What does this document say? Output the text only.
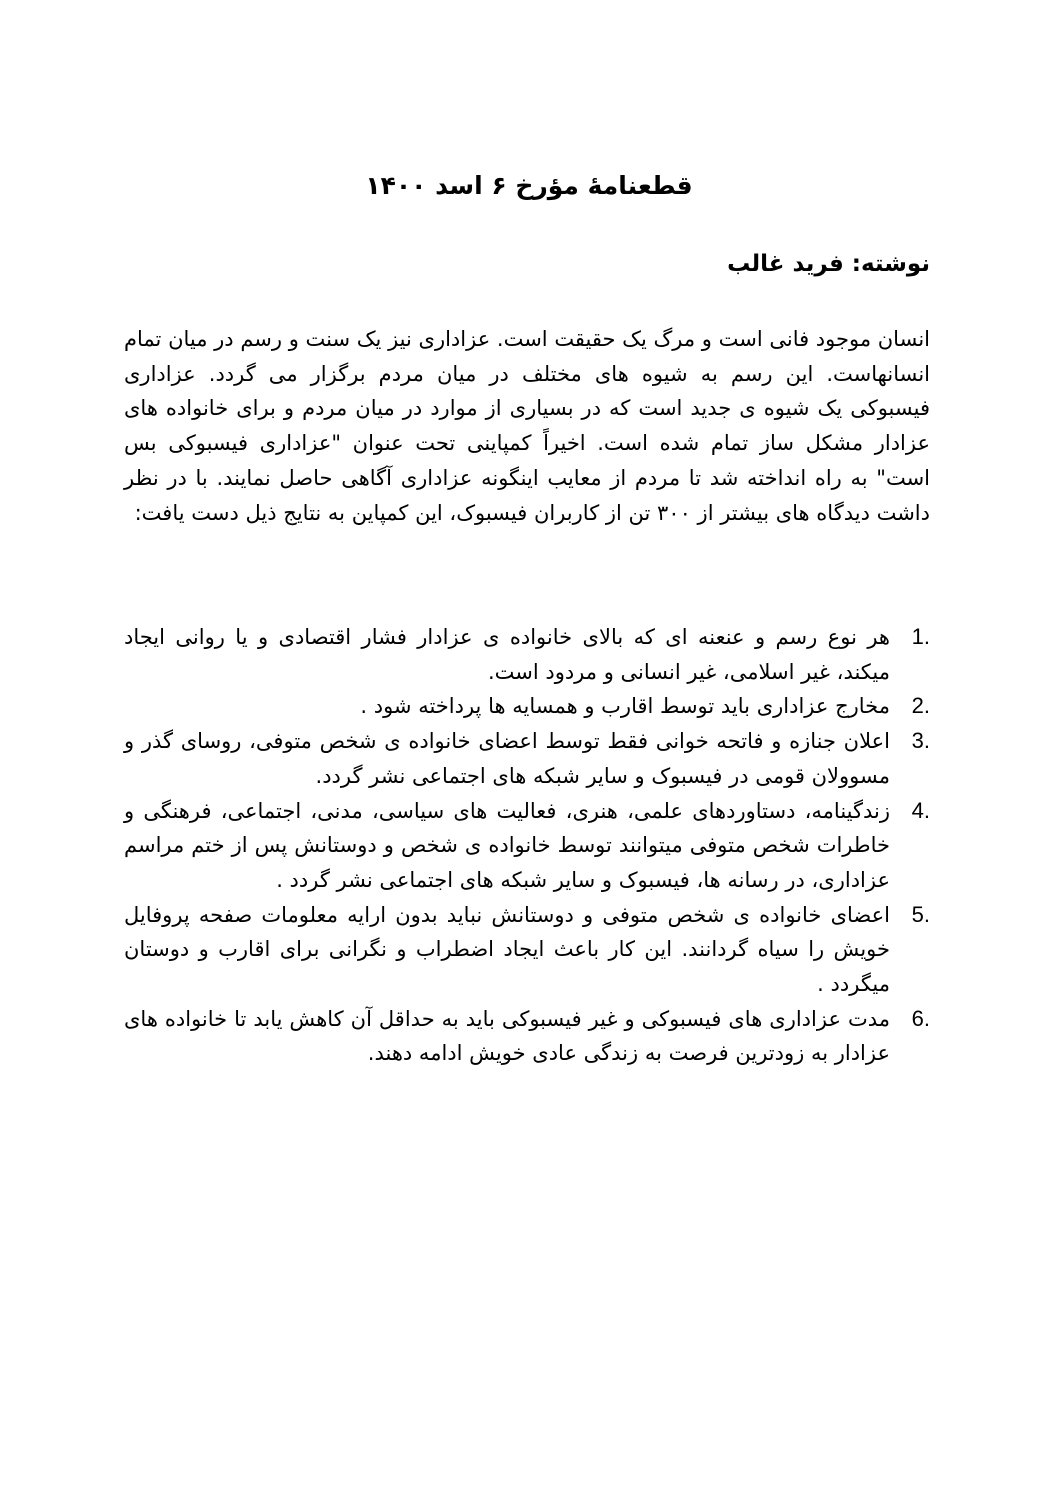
قطعنامهٔ مؤرخ ۶ اسد ۱۴۰۰

نوشته: فرید غالب

انسان موجود فانی است و مرگ یک حقیقت است. عزاداری نیز یک سنت و رسم در میان تمام انسانهاست. این رسم به شیوه های مختلف در میان مردم برگزار می گردد. عزاداری فیسبوکی یک شیوه ی جدید است که در بسیاری از موارد در میان مردم و برای خانواده های عزادار مشکل ساز تمام شده است. اخیراً کمپاینی تحت عنوان "عزاداری فیسبوکی بس است" به راه انداخته شد تا مردم از معایب اینگونه عزاداری آگاهی حاصل نمایند. با در نظر داشت دیدگاه های بیشتر از ۳۰۰ تن از کاربران فیسبوک، این کمپاین به نتایج ذیل دست یافت:

1.
هر نوع رسم و عنعنه ای که بالای خانواده ی عزادار فشار اقتصادی و یا روانی ایجاد میکند، غیر اسلامی، غیر انسانی و مردود است.
2.
مخارج عزاداری باید توسط اقارب و همسایه ها پرداخته شود .
3.
اعلان جنازه و فاتحه خوانی فقط توسط اعضای خانواده ی شخص متوفی، روسای گذر و مسوولان قومی در فیسبوک و سایر شبکه های اجتماعی نشر گردد.
4.
زندگینامه، دستاوردهای علمی، هنری، فعالیت های سیاسی، مدنی، اجتماعی، فرهنگی و خاطرات شخص متوفی میتوانند توسط خانواده ی شخص و دوستانش پس از ختم مراسم عزاداری، در رسانه ها، فیسبوک و سایر شبکه های اجتماعی نشر گردد .
5.
اعضای خانواده ی شخص متوفی و دوستانش نباید بدون ارایه معلومات صفحه پروفایل خویش را سیاه گردانند. این کار باعث ایجاد اضطراب و نگرانی برای اقارب و دوستان میگردد .
6.
مدت عزاداری های فیسبوکی و غیر فیسبوکی باید به حداقل آن کاهش یابد تا خانواده های عزادار به زودترین فرصت به زندگی عادی خویش ادامه دهند.
